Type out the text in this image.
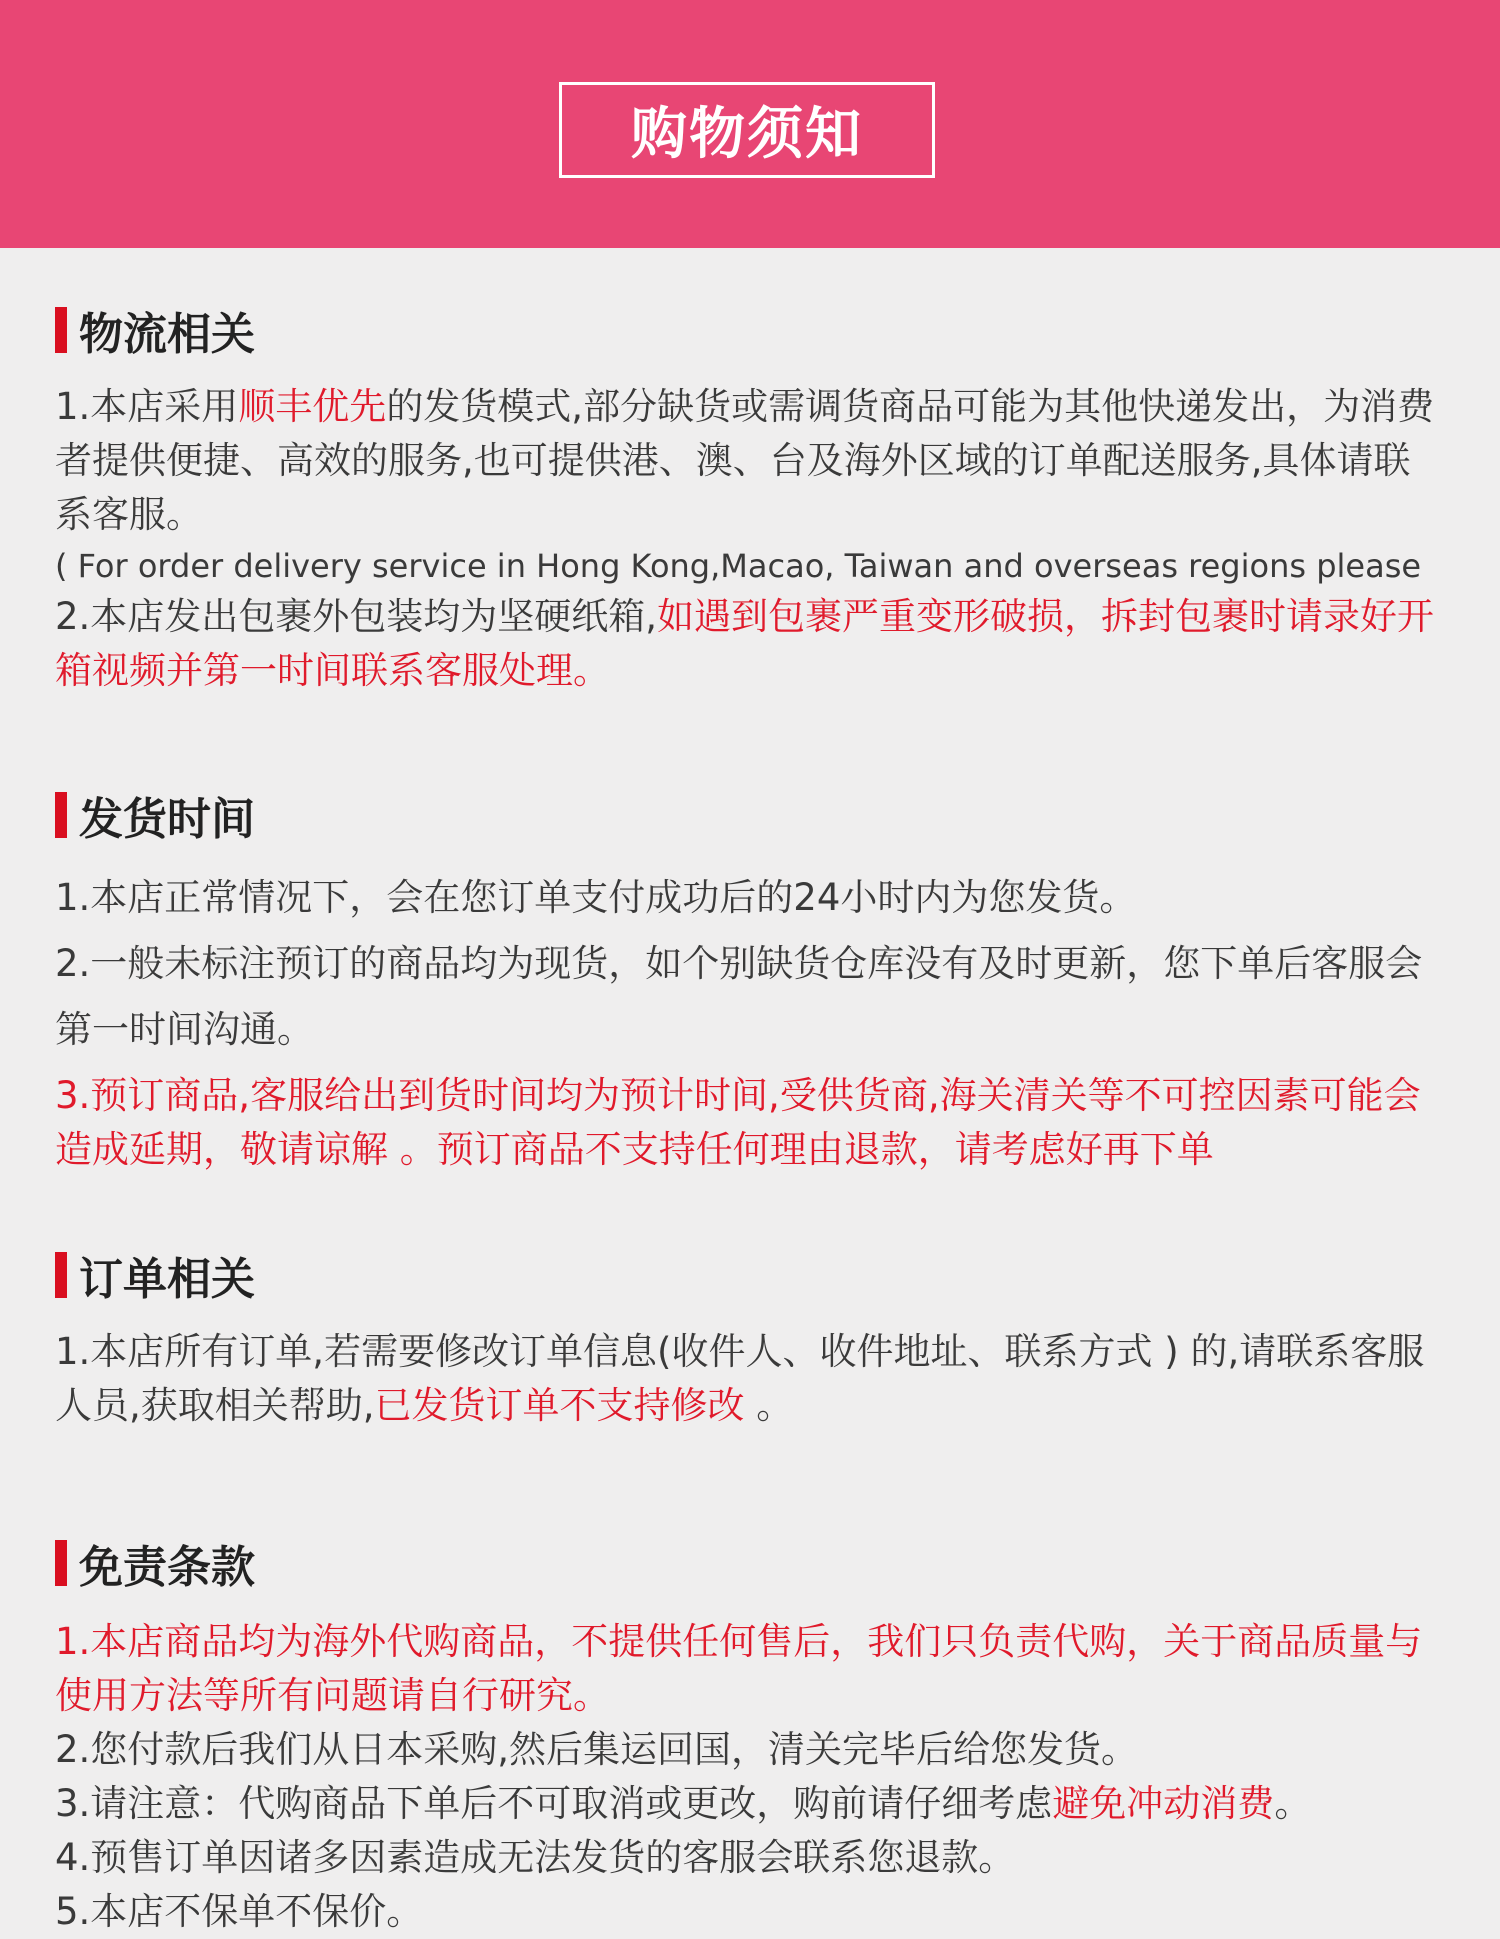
购物须知
物流相关

1.本店采用顺丰优先的发货模式,部分缺货或需调货商品可能为其他快递发出，为消费者提供便捷、高效的服务,也可提供港、澳、台及海外区域的订单配送服务,具体请联系客服。

( For order delivery service in Hong Kong,Macao, Taiwan and overseas regions please

2.本店发出包裹外包装均为坚硬纸箱,如遇到包裹严重变形破损，拆封包裹时请录好开箱视频并第一时间联系客服处理。

发货时间

1.本店正常情况下，会在您订单支付成功后的24小时内为您发货。

2.一般未标注预订的商品均为现货，如个别缺货仓库没有及时更新，您下单后客服会第一时间沟通。

3.预订商品,客服给出到货时间均为预计时间,受供货商,海关清关等不可控因素可能会造成延期，敬请谅解 。预订商品不支持任何理由退款，请考虑好再下单

订单相关

1.本店所有订单,若需要修改订单信息(收件人、收件地址、联系方式 ) 的,请联系客服人员,获取相关帮助,已发货订单不支持修改 。

免责条款

1.本店商品均为海外代购商品，不提供任何售后，我们只负责代购，关于商品质量与使用方法等所有问题请自行研究。

2.您付款后我们从日本采购,然后集运回国，清关完毕后给您发货。

3.请注意：代购商品下单后不可取消或更改，购前请仔细考虑避免冲动消费。

4.预售订单因诸多因素造成无法发货的客服会联系您退款。

5.本店不保单不保价。
